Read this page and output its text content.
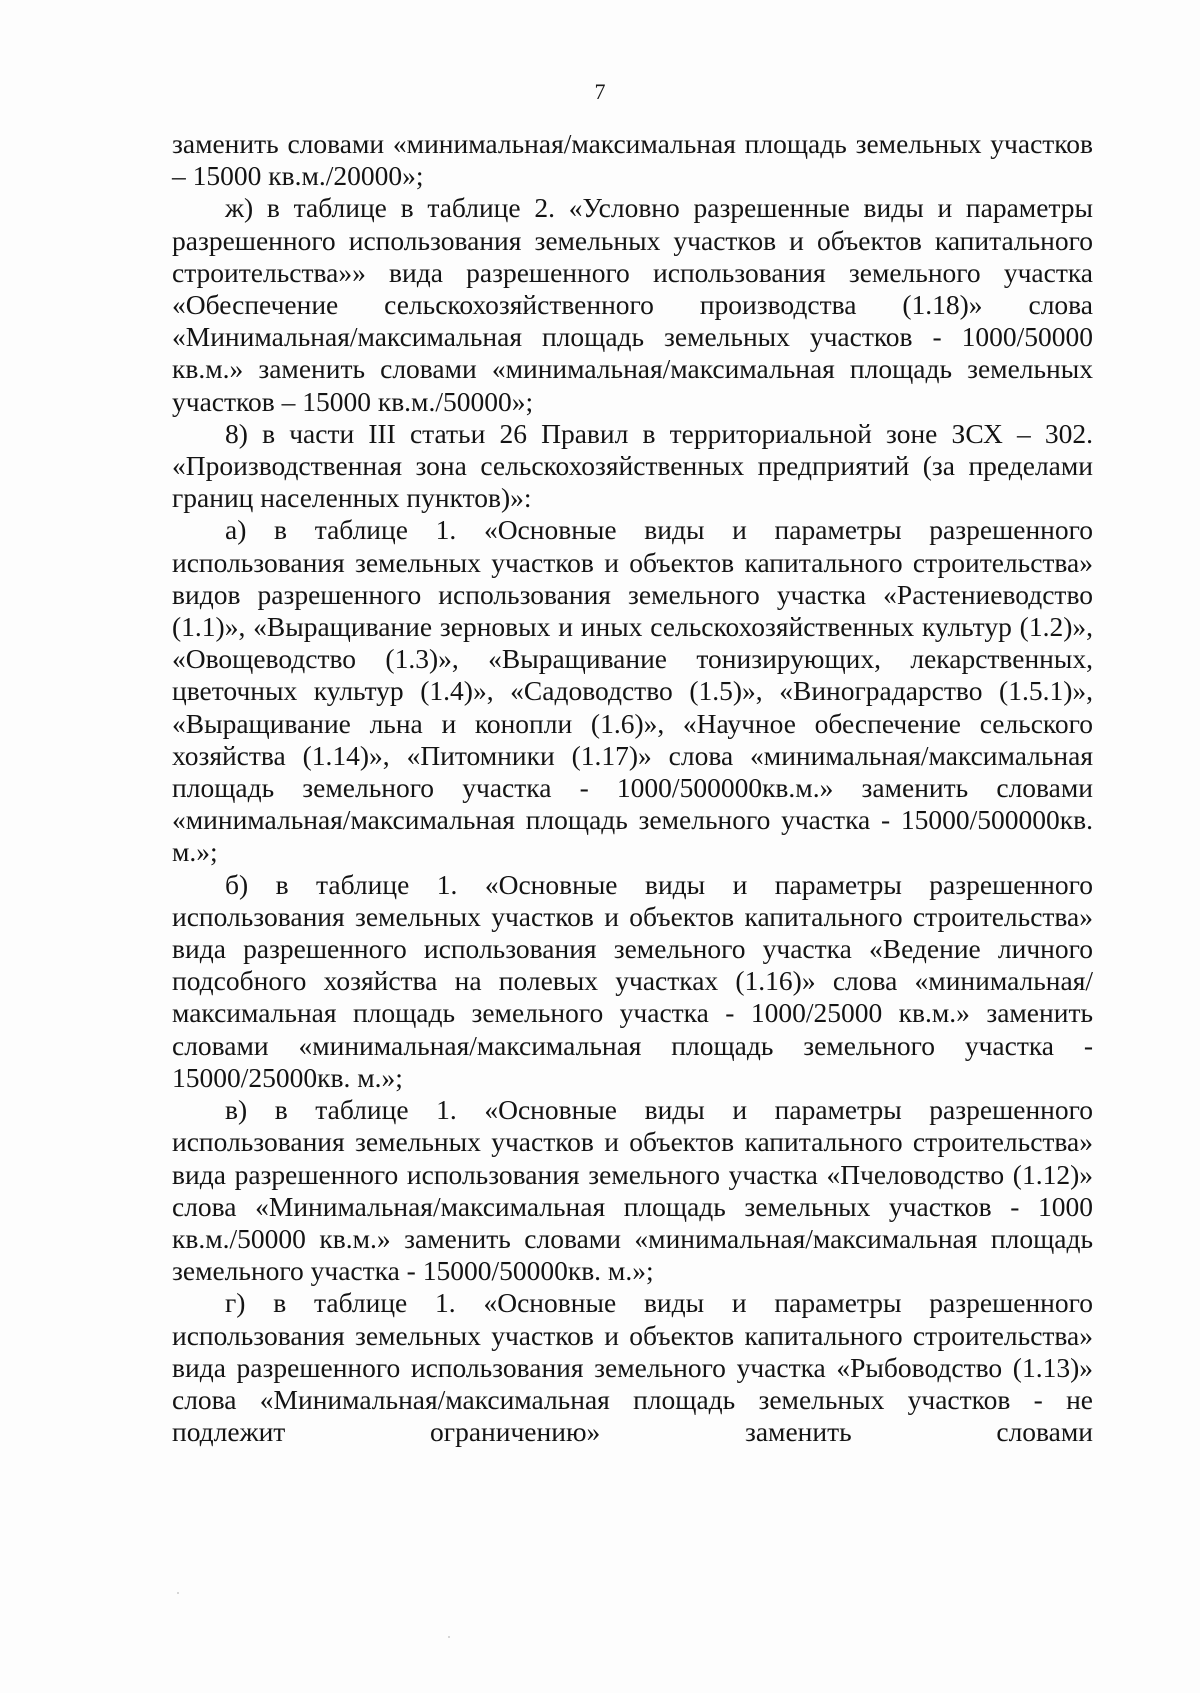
7

заменить словами «минимальная/максимальная площадь земельных участков – 15000 кв.м./20000»;

ж) в таблице в таблице 2. «Условно разрешенные виды и параметры разрешенного использования земельных участков и объектов капитального строительства»» вида разрешенного использования земельного участка «Обеспечение сельскохозяйственного производства (1.18)» слова «Минимальная/максимальная площадь земельных участков - 1000/50000 кв.м.» заменить словами «минимальная/максимальная площадь земельных участков – 15000 кв.м./50000»;

8) в части III статьи 26 Правил в территориальной зоне ЗСХ – 302. «Производственная зона сельскохозяйственных предприятий (за пределами границ населенных пунктов)»:

а) в таблице 1. «Основные виды и параметры разрешенного использования земельных участков и объектов капитального строительства» видов разрешенного использования земельного участка «Растениеводство (1.1)», «Выращивание зерновых и иных сельскохозяйственных культур (1.2)», «Овощеводство (1.3)», «Выращивание тонизирующих, лекарственных, цветочных культур (1.4)», «Садоводство (1.5)», «Виноградарство (1.5.1)», «Выращивание льна и конопли (1.6)», «Научное обеспечение сельского хозяйства (1.14)», «Питомники (1.17)» слова «минимальная/максимальная площадь земельного участка - 1000/500000кв.м.» заменить словами «минимальная/максимальная площадь земельного участка - 15000/500000кв. м.»;

б) в таблице 1. «Основные виды и параметры разрешенного использования земельных участков и объектов капитального строительства» вида разрешенного использования земельного участка «Ведение личного подсобного хозяйства на полевых участках (1.16)» слова «минимальная/максимальная площадь земельного участка - 1000/25000 кв.м.» заменить словами «минимальная/максимальная площадь земельного участка - 15000/25000кв. м.»;

в) в таблице 1. «Основные виды и параметры разрешенного использования земельных участков и объектов капитального строительства» вида разрешенного использования земельного участка «Пчеловодство (1.12)» слова «Минимальная/максимальная площадь земельных участков - 1000 кв.м./50000 кв.м.» заменить словами «минимальная/максимальная площадь земельного участка - 15000/50000кв. м.»;

г) в таблице 1. «Основные виды и параметры разрешенного использования земельных участков и объектов капитального строительства» вида разрешенного использования земельного участка «Рыбоводство (1.13)» слова «Минимальная/максимальная площадь земельных участков - не подлежит ограничению» заменить словами
